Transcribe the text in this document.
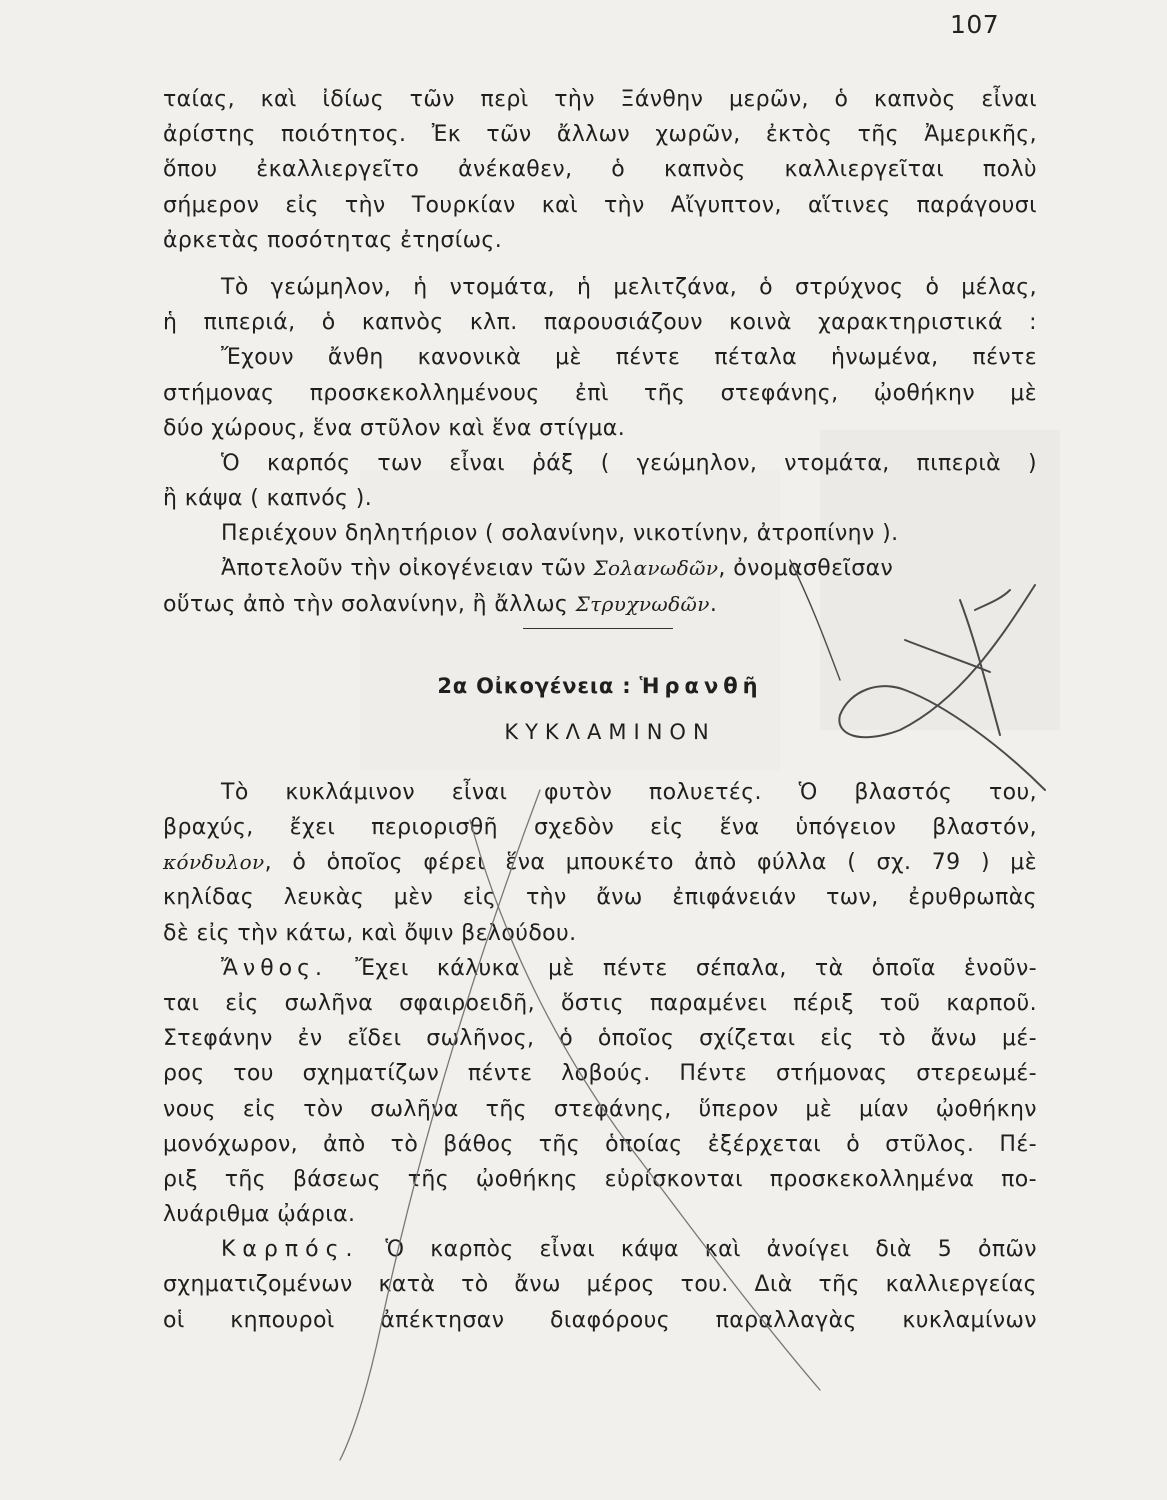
107
ταίας, καὶ ἰδίως τῶν περὶ τὴν Ξάνθην μερῶν, ὁ καπνὸς εἶναι
ἀρίστης ποιότητος. Ἐκ τῶν ἄλλων χωρῶν, ἐκτὸς τῆς Ἀμερικῆς,
ὅπου ἐκαλλιεργεῖτο ἀνέκαθεν, ὁ καπνὸς καλλιεργεῖται πολὺ
σήμερον εἰς τὴν Τουρκίαν καὶ τὴν Αἴγυπτον, αἵτινες παράγουσι
ἀρκετὰς ποσότητας ἐτησίως.
Τὸ γεώμηλον, ἡ ντομάτα, ἡ μελιτζάνα, ὁ στρύχνος ὁ μέλας,
ἡ πιπεριά, ὁ καπνὸς κλπ. παρουσιάζουν κοινὰ χαρακτηριστικά :
Ἔχουν ἄνθη κανονικὰ μὲ πέντε πέταλα ἡνωμένα, πέντε
στήμονας προσκεκολλημένους ἐπὶ τῆς στεφάνης, ᾠοθήκην μὲ
δύο χώρους, ἕνα στῦλον καὶ ἕνα στίγμα.
Ὁ καρπός των εἶναι ῥάξ ( γεώμηλον, ντομάτα, πιπεριὰ )
ἢ κάψα ( καπνός ).
Περιέχουν δηλητήριον ( σολανίνην, νικοτίνην, ἀτροπίνην ).
Ἀποτελοῦν τὴν οἰκογένειαν τῶν Σολανωδῶν, ὀνομασθεῖσαν
οὕτως ἀπὸ τὴν σολανίνην, ἢ ἄλλως Στρυχνωδῶν.
2α Οἰκογένεια : Ἡρανθῆ
ΚΥΚΛΑΜΙΝΟΝ
Τὸ κυκλάμινον εἶναι φυτὸν πολυετές. Ὁ βλαστός του,
βραχύς, ἔχει περιορισθῆ σχεδὸν εἰς ἕνα ὑπόγειον βλαστόν,
κόνδυλον, ὁ ὁποῖος φέρει ἕνα μπουκέτο ἀπὸ φύλλα ( σχ. 79 ) μὲ
κηλίδας λευκὰς μὲν εἰς τὴν ἄνω ἐπιφάνειάν των, ἐρυθρωπὰς
δὲ εἰς τὴν κάτω, καὶ ὄψιν βελούδου.
Ἄνθος. Ἔχει κάλυκα μὲ πέντε σέπαλα, τὰ ὁποῖα ἑνοῦν-
ται εἰς σωλῆνα σφαιροειδῆ, ὅστις παραμένει πέριξ τοῦ καρποῦ.
Στεφάνην ἐν εἴδει σωλῆνος, ὁ ὁποῖος σχίζεται εἰς τὸ ἄνω μέ-
ρος του σχηματίζων πέντε λοβούς. Πέντε στήμονας στερεωμέ-
νους εἰς τὸν σωλῆνα τῆς στεφάνης, ὕπερον μὲ μίαν ᾠοθήκην
μονόχωρον, ἀπὸ τὸ βάθος τῆς ὁποίας ἐξέρχεται ὁ στῦλος. Πέ-
ριξ τῆς βάσεως τῆς ᾠοθήκης εὑρίσκονται προσκεκολλημένα πο-
λυάριθμα ᾠάρια.
Καρπός. Ὁ καρπὸς εἶναι κάψα καὶ ἀνοίγει διὰ 5 ὀπῶν
σχηματιζομένων κατὰ τὸ ἄνω μέρος του. Διὰ τῆς καλλιεργείας
οἱ κηπουροὶ ἀπέκτησαν διαφόρους παραλλαγὰς κυκλαμίνων
